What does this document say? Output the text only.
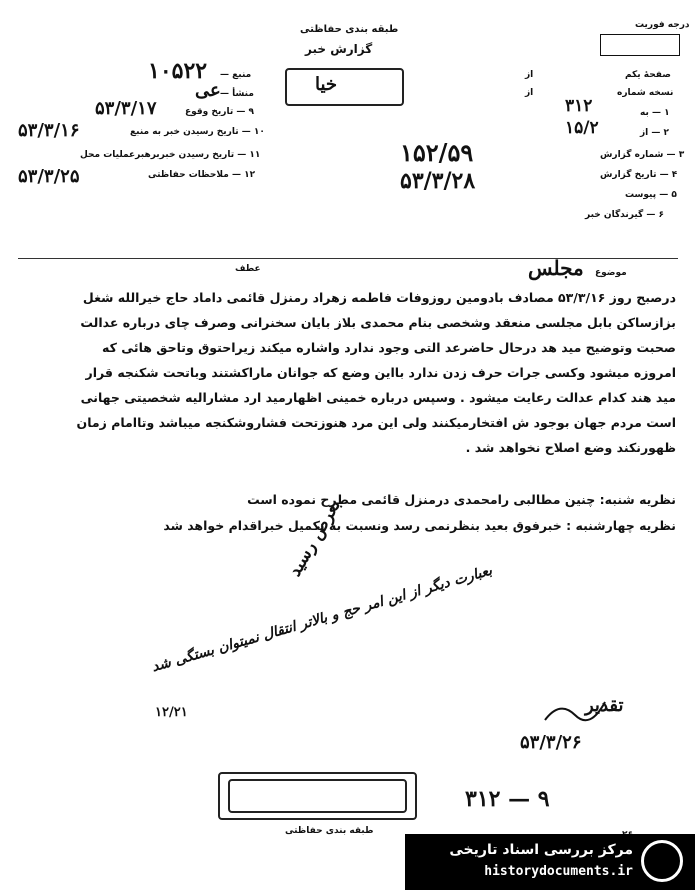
طبقه بندی حفاظتی
گزارش خبر
درجه فوریت
۱۰۵۲۲ منبع —
منشأ —
عی
۹ — تاریخ وقوع
۵۳/۳/۱۷
۱۰ — تاریخ رسیدن خبر به منبع
۵۳/۳/۱۶
۱۱ — تاریخ رسیدن خبربرهبرعملیات محل
۱۲ — ملاحظات حفاظتی
۵۳/۳/۲۵
صفحهٔ یکم
از
نسخه شماره
از
۱ — به
۳۱۲
۲ — از
۱۵/۲
۳ — شماره گزارش
۱۵۲/۵۹
۴ — تاریخ گزارش
۵۳/۳/۲۸
۵ — پیوست
۶ — گیرندگان خبر
خیا
عطف	موضوع
مجلس
درصبح روز ۵۳/۳/۱۶ مصادف بادومین روزوفات فاطمه زهراد رمنزل قائمی داماد حاج خیرالله شغل
بزازساکن بابل مجلسی منعقد وشخصی بنام محمدی بلاز بایان سخنرانی وصرف چای درباره عدالت
صحبت وتوضیح مید هد درحال حاضرعد التی وجود ندارد واشاره میکند زیراحتوق وتاحق هائی که
امروزه میشود وکسی جرات حرف زدن ندارد بااین وضع که جوانان ماراکشتند وباتحت شکنجه قرار
مید هند کدام عدالت رعایت میشود . وسپس درباره خمینی اظهارمید ارد مشارالیه شخصیتی جهانی
است مردم جهان بوجود ش افتخارمیکنند ولی این مرد هنوزتحت فشاروشکنجه میباشد وتاامام زمان
ظهورنکند وضع اصلاح نخواهد شد .
نظریه شنبه: چنین مطالبی رامحمدی درمنزل قائمی مطرح نموده است
نظریه چهارشنبه : خبرفوق بعید بنظرنمی رسد ونسبت به تکمیل خبراقدام خواهد شد
بعرض رسید
بعبارت دیگر از این امر حج و بالاتر انتقال نمیتوان بستگی شد
۱۲/۲۱	تقدیر
۵۳/۳/۲۶
۳۱۲ — ۹
طبقه بندی حفاظتی
مرکز بررسی اسناد تاریخی
historydocuments.ir
